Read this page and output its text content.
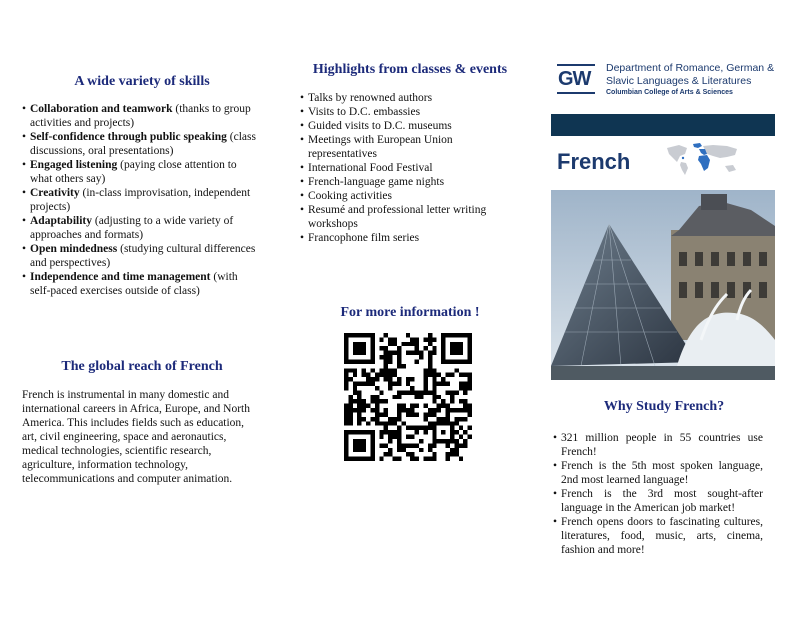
A wide variety of skills
• Collaboration and teamwork (thanks to group activities and projects)
• Self-confidence through public speaking (class discussions, oral presentations)
• Engaged listening (paying close attention to what others say)
• Creativity (in-class improvisation, independent projects)
• Adaptability (adjusting to a wide variety of approaches and formats)
• Open mindedness (studying cultural differences and perspectives)
• Independence and time management (with self-paced exercises outside of class)
The global reach of French

French is instrumental in many domestic and international careers in Africa, Europe, and North America. This includes fields such as education, art, civil engineering, space and aeronautics, medical technologies, scientific research, agriculture, information technology, telecommunications and computer animation.

Highlights from classes & events
• Talks by renowned authors
• Visits to D.C. embassies
• Guided visits to D.C. museums
• Meetings with European Union representatives
• International Food Festival
• French-language game nights
• Cooking activities
• Resumé and professional letter writing workshops
• Francophone film series
For more information !
GW Department of Romance, German & Slavic Languages & Literatures
Columbian College of Arts & Sciences
French
Why Study French?
• 321 million people in 55 countries use French!
• French is the 5th most spoken language, 2nd most learned language!
• French is the 3rd most sought-after language in the American job market!
• French opens doors to fascinating cultures, literatures, food, music, arts, cinema, fashion and more!
